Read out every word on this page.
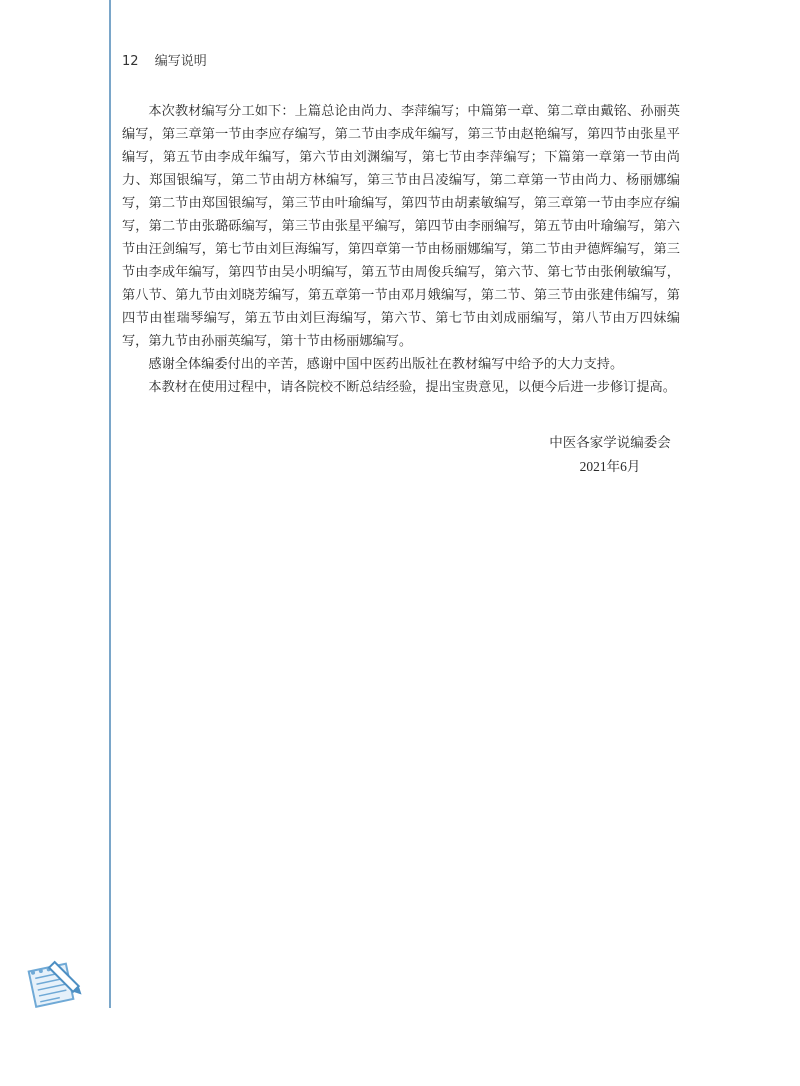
12 编写说明

本次教材编写分工如下：上篇总论由尚力、李萍编写；中篇第一章、第二章由戴铭、孙丽英编写，第三章第一节由李应存编写，第二节由李成年编写，第三节由赵艳编写，第四节由张星平编写，第五节由李成年编写，第六节由刘渊编写，第七节由李萍编写；下篇第一章第一节由尚力、郑国银编写，第二节由胡方林编写，第三节由吕凌编写，第二章第一节由尚力、杨丽娜编写，第二节由郑国银编写，第三节由叶瑜编写，第四节由胡素敏编写，第三章第一节由李应存编写，第二节由张璐砾编写，第三节由张星平编写，第四节由李丽编写，第五节由叶瑜编写，第六节由汪剑编写，第七节由刘巨海编写，第四章第一节由杨丽娜编写，第二节由尹德辉编写，第三节由李成年编写，第四节由吴小明编写，第五节由周俊兵编写，第六节、第七节由张俐敏编写，第八节、第九节由刘晓芳编写，第五章第一节由邓月娥编写，第二节、第三节由张建伟编写，第四节由崔瑞琴编写，第五节由刘巨海编写，第六节、第七节由刘成丽编写，第八节由万四妹编写，第九节由孙丽英编写，第十节由杨丽娜编写。

感谢全体编委付出的辛苦，感谢中国中医药出版社在教材编写中给予的大力支持。

本教材在使用过程中，请各院校不断总结经验，提出宝贵意见，以便今后进一步修订提高。

中医各家学说编委会
2021年6月
